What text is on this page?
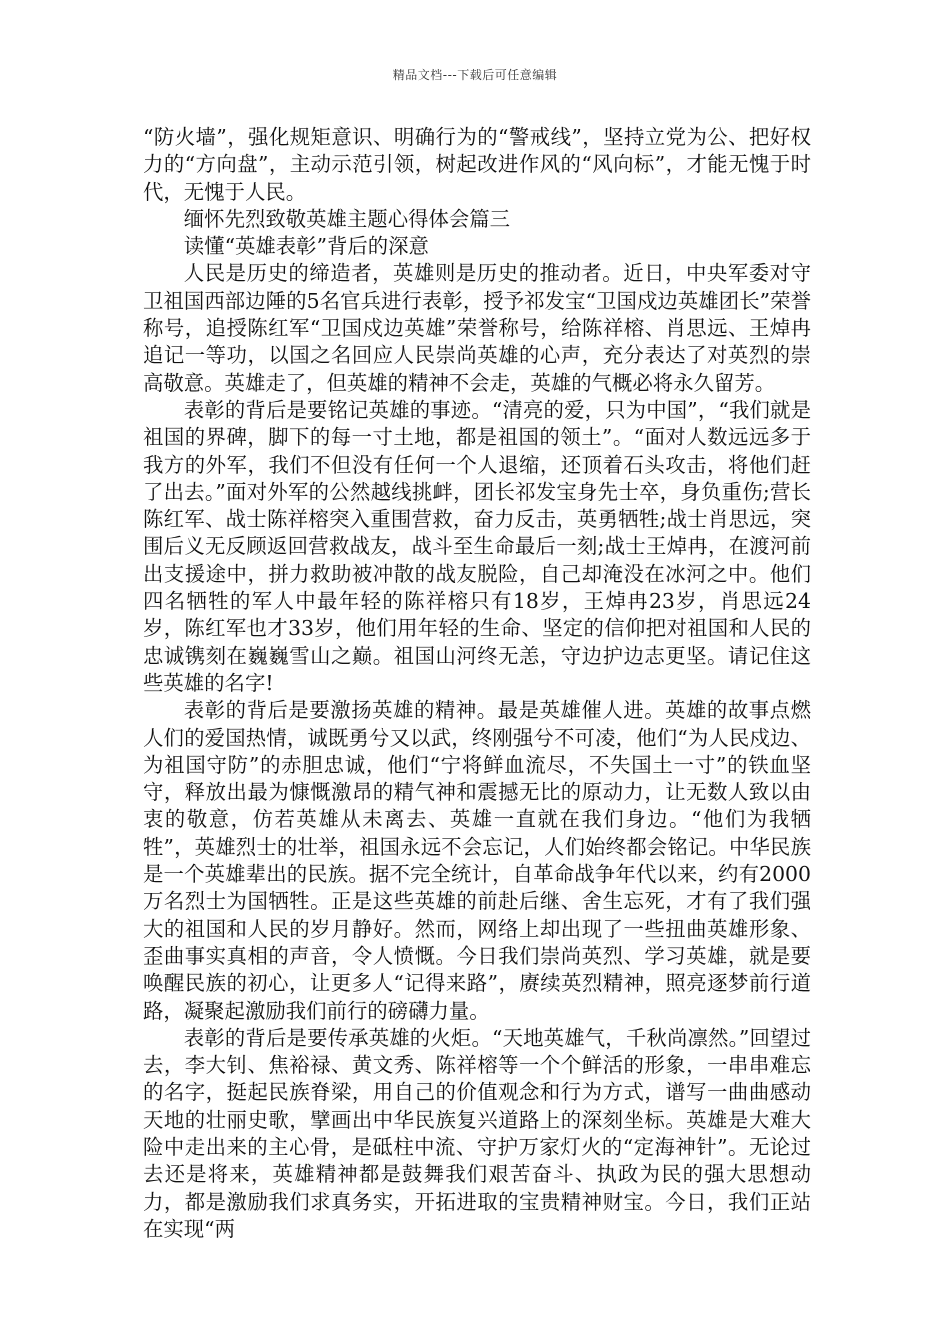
精品文档---下载后可任意编辑

“防火墙”，强化规矩意识、明确行为的“警戒线”，坚持立党为公、把好权力的“方向盘”，主动示范引领，树起改进作风的“风向标”，才能无愧于时代，无愧于人民。

缅怀先烈致敬英雄主题心得体会篇三

读懂“英雄表彰”背后的深意

人民是历史的缔造者，英雄则是历史的推动者。近日，中央军委对守卫祖国西部边陲的5名官兵进行表彰，授予祁发宝“卫国戍边英雄团长”荣誉称号，追授陈红军“卫国戍边英雄”荣誉称号，给陈祥榕、肖思远、王焯冉追记一等功，以国之名回应人民崇尚英雄的心声，充分表达了对英烈的崇高敬意。英雄走了，但英雄的精神不会走，英雄的气概必将永久留芳。

表彰的背后是要铭记英雄的事迹。“清亮的爱，只为中国”，“我们就是祖国的界碑，脚下的每一寸土地，都是祖国的领土”。“面对人数远远多于我方的外军，我们不但没有任何一个人退缩，还顶着石头攻击，将他们赶了出去。”面对外军的公然越线挑衅，团长祁发宝身先士卒，身负重伤;营长陈红军、战士陈祥榕突入重围营救，奋力反击，英勇牺牲;战士肖思远，突围后义无反顾返回营救战友，战斗至生命最后一刻;战士王焯冉，在渡河前出支援途中，拼力救助被冲散的战友脱险，自己却淹没在冰河之中。他们四名牺牲的军人中最年轻的陈祥榕只有18岁，王焯冉23岁，肖思远24岁，陈红军也才33岁，他们用年轻的生命、坚定的信仰把对祖国和人民的忠诚镌刻在巍巍雪山之巅。祖国山河终无恙，守边护边志更坚。请记住这些英雄的名字!

表彰的背后是要激扬英雄的精神。最是英雄催人进。英雄的故事点燃人们的爱国热情，诚既勇兮又以武，终刚强兮不可凌，他们“为人民戍边、为祖国守防”的赤胆忠诚，他们“宁将鲜血流尽，不失国土一寸”的铁血坚守，释放出最为慷慨激昂的精气神和震撼无比的原动力，让无数人致以由衷的敬意，仿若英雄从未离去、英雄一直就在我们身边。“他们为我牺牲”，英雄烈士的壮举，祖国永远不会忘记，人们始终都会铭记。中华民族是一个英雄辈出的民族。据不完全统计，自革命战争年代以来，约有2000万名烈士为国牺牲。正是这些英雄的前赴后继、舍生忘死，才有了我们强大的祖国和人民的岁月静好。然而，网络上却出现了一些扭曲英雄形象、歪曲事实真相的声音，令人愤慨。今日我们崇尚英烈、学习英雄，就是要唤醒民族的初心，让更多人“记得来路”，赓续英烈精神，照亮逐梦前行道路，凝聚起激励我们前行的磅礴力量。

表彰的背后是要传承英雄的火炬。“天地英雄气，千秋尚凛然。”回望过去，李大钊、焦裕禄、黄文秀、陈祥榕等一个个鲜活的形象，一串串难忘的名字，挺起民族脊梁，用自己的价值观念和行为方式，谱写一曲曲感动天地的壮丽史歌，擘画出中华民族复兴道路上的深刻坐标。英雄是大难大险中走出来的主心骨，是砥柱中流、守护万家灯火的“定海神针”。无论过去还是将来，英雄精神都是鼓舞我们艰苦奋斗、执政为民的强大思想动力，都是激励我们求真务实，开拓进取的宝贵精神财宝。今日，我们正站在实现“两
